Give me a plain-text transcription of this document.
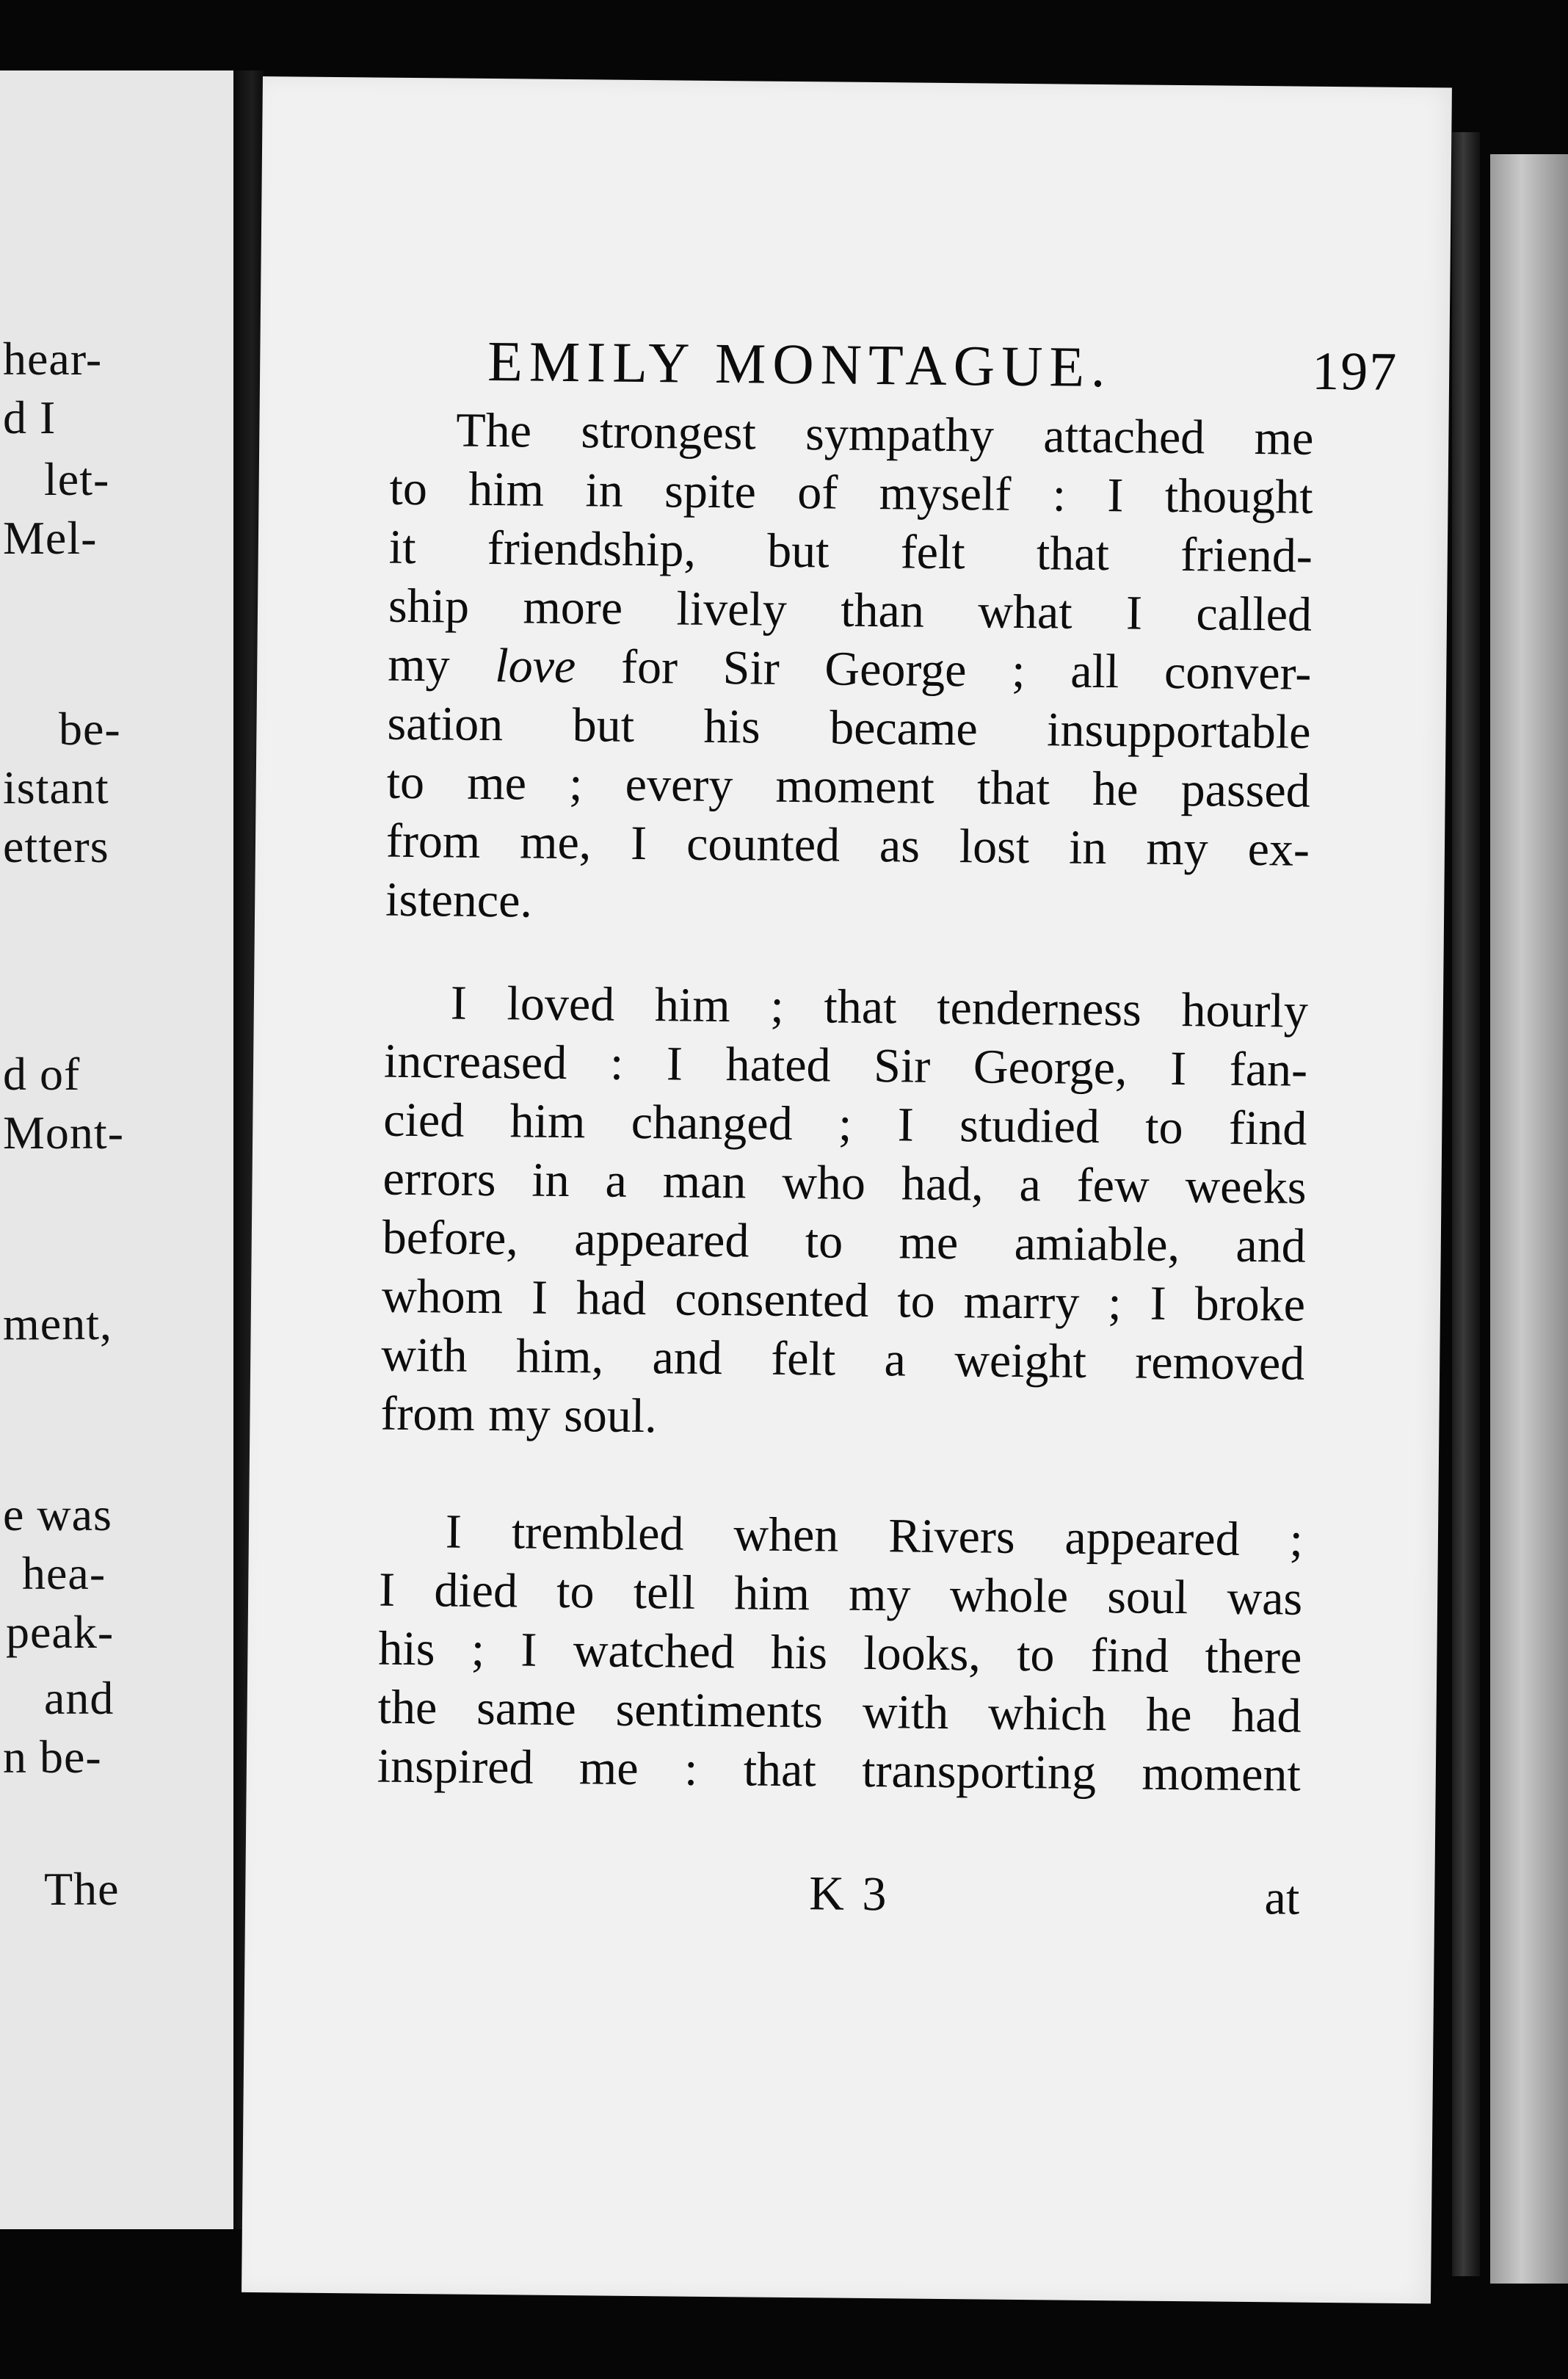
hear-
d I
let-
Mel-
be-
istant
etters
d of
Mont-
ment,
e was
hea-
peak-
and
n be-
The
EMILY MONTAGUE.	197
The strongest sympathy attached me
to him in spite of myself : I thought
it friendship, but felt that friend-
ship more lively than what I called
my love for Sir George ; all conver-
sation but his became insupportable
to me ; every moment that he passed
from me, I counted as lost in my ex-
istence.
I loved him ; that tenderness hourly
increased : I hated Sir George, I fan-
cied him changed ; I studied to find
errors in a man who had, a few weeks
before, appeared to me amiable, and
whom I had consented to marry ; I broke
with him, and felt a weight removed
from my soul.
I trembled when Rivers appeared ;
I died to tell him my whole soul was
his ; I watched his looks, to find there
the same sentiments with which he had
inspired me : that transporting moment
K 3	at
